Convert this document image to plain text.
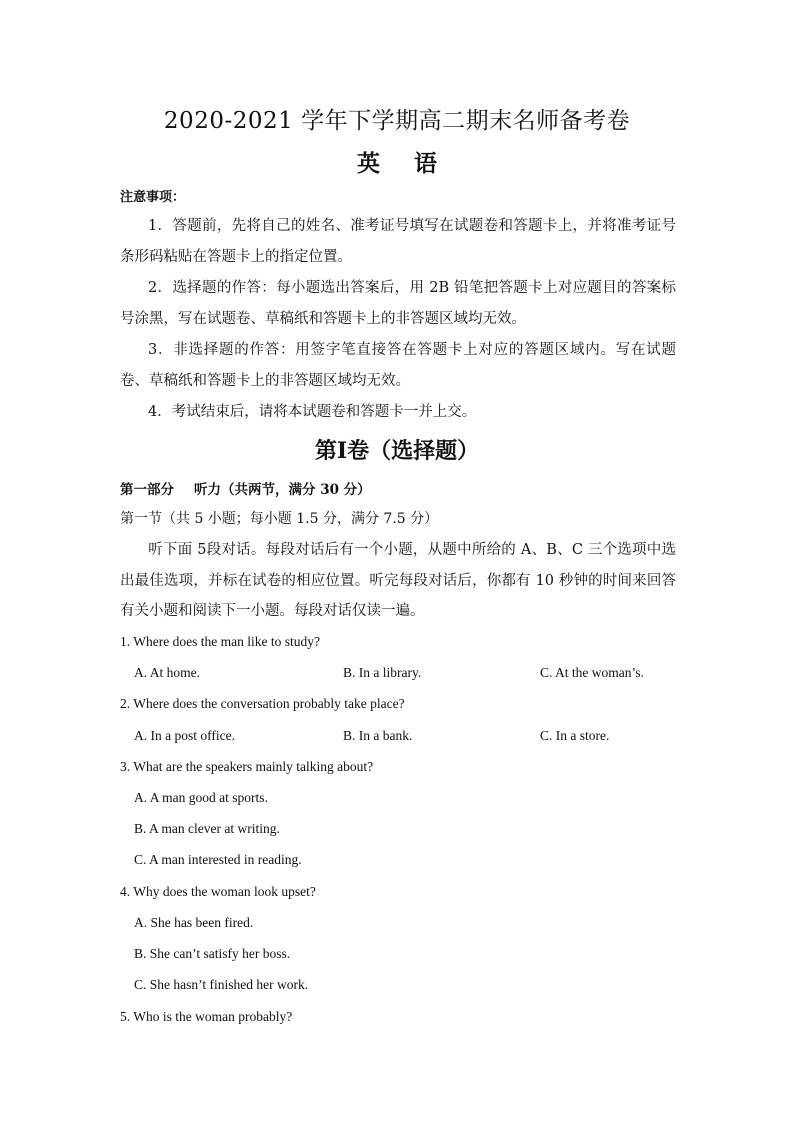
2020-2021 学年下学期高二期末名师备考卷
英 语
注意事项：
1．答题前，先将自己的姓名、准考证号填写在试题卷和答题卡上，并将准考证号条形码粘贴在答题卡上的指定位置。
2．选择题的作答：每小题选出答案后，用 2B 铅笔把答题卡上对应题目的答案标号涂黑，写在试题卷、草稿纸和答题卡上的非答题区域均无效。
3．非选择题的作答：用签字笔直接答在答题卡上对应的答题区域内。写在试题卷、草稿纸和答题卡上的非答题区域均无效。
4．考试结束后，请将本试题卷和答题卡一并上交。
第Ⅰ卷（选择题）
第一部分 听力（共两节，满分 30 分）
第一节（共 5 小题；每小题 1.5 分，满分 7.5 分）
听下面 5段对话。每段对话后有一个小题，从题中所给的 A、B、C 三个选项中选出最佳选项，并标在试卷的相应位置。听完每段对话后，你都有 10 秒钟的时间来回答有关小题和阅读下一小题。每段对话仅读一遍。
1. Where does the man like to study?
A. At home.	B. In a library.	C. At the woman’s.
2. Where does the conversation probably take place?
A. In a post office.	B. In a bank.	C. In a store.
3. What are the speakers mainly talking about?
A. A man good at sports.
B. A man clever at writing.
C. A man interested in reading.
4. Why does the woman look upset?
A. She has been fired.
B. She can’t satisfy her boss.
C. She hasn’t finished her work.
5. Who is the woman probably?
